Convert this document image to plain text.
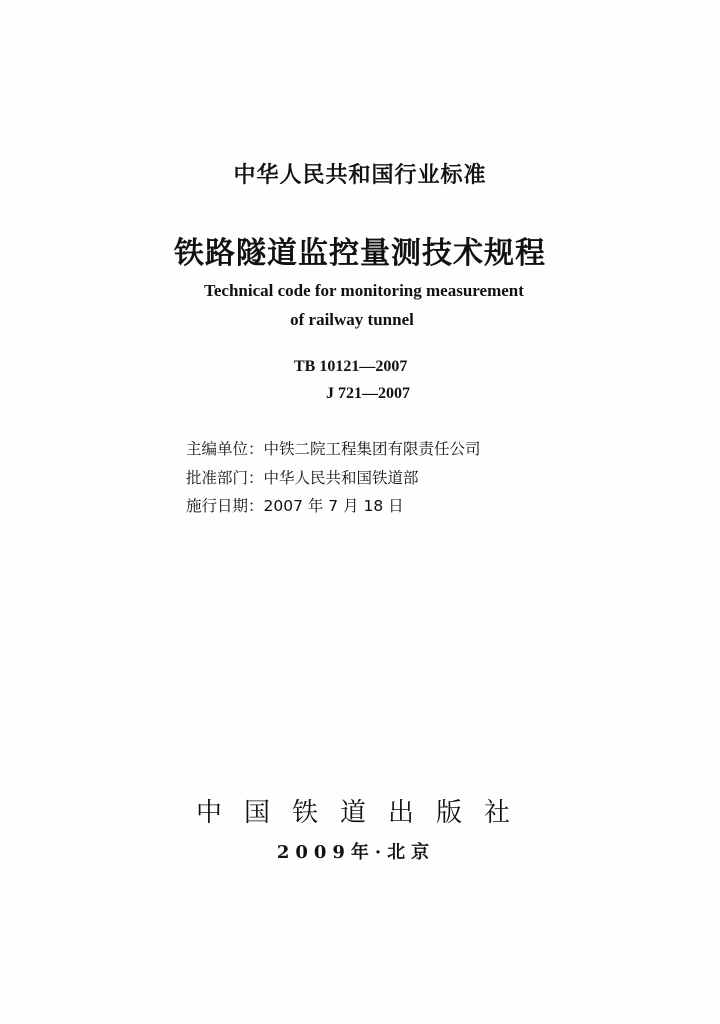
中华人民共和国行业标准
铁路隧道监控量测技术规程
Technical code for monitoring measurement
of railway tunnel
TB 10121—2007
J 721—2007
主编单位：中铁二院工程集团有限责任公司
批准部门：中华人民共和国铁道部
施行日期：2007 年 7 月 18 日
中国铁道出版社
2009年·北京
